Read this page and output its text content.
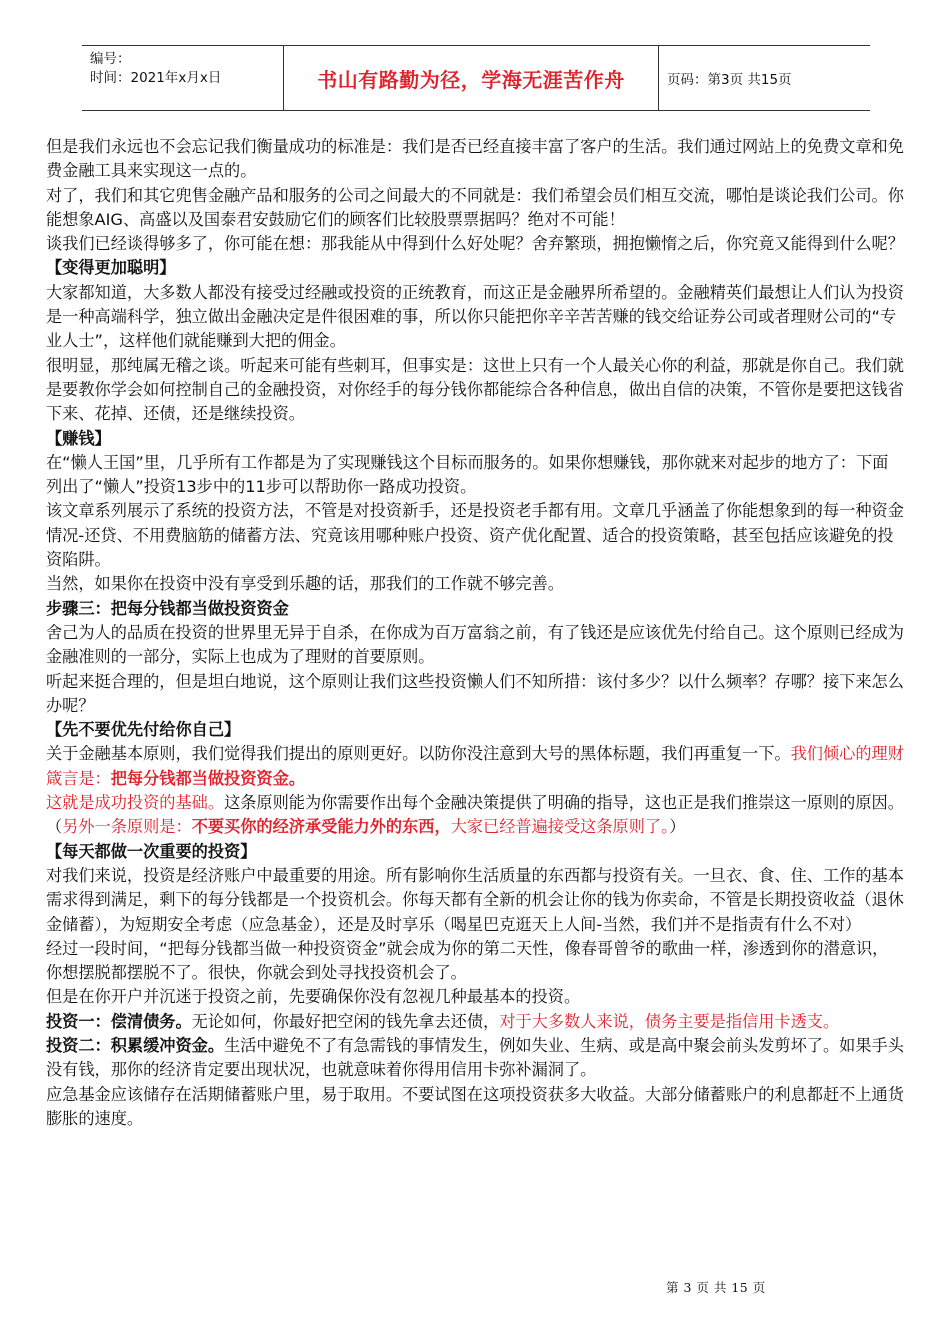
编号：
时间：2021年x月x日	书山有路勤为径，学海无涯苦作舟	页码：第3页 共15页

但是我们永远也不会忘记我们衡量成功的标准是：我们是否已经直接丰富了客户的生活。我们通过网站上的免费文章和免费金融工具来实现这一点的。

对了，我们和其它兜售金融产品和服务的公司之间最大的不同就是：我们希望会员们相互交流，哪怕是谈论我们公司。你能想象AIG、高盛以及国泰君安鼓励它们的顾客们比较股票票据吗？绝对不可能！

谈我们已经谈得够多了，你可能在想：那我能从中得到什么好处呢？舍弃繁琐，拥抱懒惰之后，你究竟又能得到什么呢？

【变得更加聪明】

大家都知道，大多数人都没有接受过经融或投资的正统教育，而这正是金融界所希望的。金融精英们最想让人们认为投资是一种高端科学，独立做出金融决定是件很困难的事，所以你只能把你辛辛苦苦赚的钱交给证券公司或者理财公司的“专业人士”，这样他们就能赚到大把的佣金。

很明显，那纯属无稽之谈。听起来可能有些刺耳，但事实是：这世上只有一个人最关心你的利益，那就是你自己。我们就是要教你学会如何控制自己的金融投资，对你经手的每分钱你都能综合各种信息，做出自信的决策，不管你是要把这钱省下来、花掉、还债，还是继续投资。

【赚钱】

在“懒人王国”里，几乎所有工作都是为了实现赚钱这个目标而服务的。如果你想赚钱，那你就来对起步的地方了：下面列出了“懒人”投资13步中的11步可以帮助你一路成功投资。

该文章系列展示了系统的投资方法，不管是对投资新手，还是投资老手都有用。文章几乎涵盖了你能想象到的每一种资金情况-还贷、不用费脑筋的储蓄方法、究竟该用哪种账户投资、资产优化配置、适合的投资策略，甚至包括应该避免的投资陷阱。

当然，如果你在投资中没有享受到乐趣的话，那我们的工作就不够完善。

步骤三：把每分钱都当做投资资金

舍己为人的品质在投资的世界里无异于自杀，在你成为百万富翁之前，有了钱还是应该优先付给自己。这个原则已经成为金融准则的一部分，实际上也成为了理财的首要原则。

听起来挺合理的，但是坦白地说，这个原则让我们这些投资懒人们不知所措：该付多少？以什么频率？存哪？接下来怎么办呢？

【先不要优先付给你自己】

关于金融基本原则，我们觉得我们提出的原则更好。以防你没注意到大号的黑体标题，我们再重复一下。我们倾心的理财箴言是：把每分钱都当做投资资金。

这就是成功投资的基础。这条原则能为你需要作出每个金融决策提供了明确的指导，这也正是我们推崇这一原则的原因。（另外一条原则是：不要买你的经济承受能力外的东西，大家已经普遍接受这条原则了。）

【每天都做一次重要的投资】

对我们来说，投资是经济账户中最重要的用途。所有影响你生活质量的东西都与投资有关。一旦衣、食、住、工作的基本需求得到满足，剩下的每分钱都是一个投资机会。你每天都有全新的机会让你的钱为你卖命，不管是长期投资收益（退休金储蓄），为短期安全考虑（应急基金），还是及时享乐（喝星巴克逛天上人间-当然，我们并不是指责有什么不对）

经过一段时间，“把每分钱都当做一种投资资金”就会成为你的第二天性，像春哥曾爷的歌曲一样，渗透到你的潜意识，你想摆脱都摆脱不了。很快，你就会到处寻找投资机会了。

但是在你开户并沉迷于投资之前，先要确保你没有忽视几种最基本的投资。

投资一：偿清债务。无论如何，你最好把空闲的钱先拿去还债，对于大多数人来说，债务主要是指信用卡透支。

投资二：积累缓冲资金。生活中避免不了有急需钱的事情发生，例如失业、生病、或是高中聚会前头发剪坏了。如果手头没有钱，那你的经济肯定要出现状况，也就意味着你得用信用卡弥补漏洞了。

应急基金应该储存在活期储蓄账户里，易于取用。不要试图在这项投资获多大收益。大部分储蓄账户的利息都赶不上通货膨胀的速度。

第 3 页 共 15 页
